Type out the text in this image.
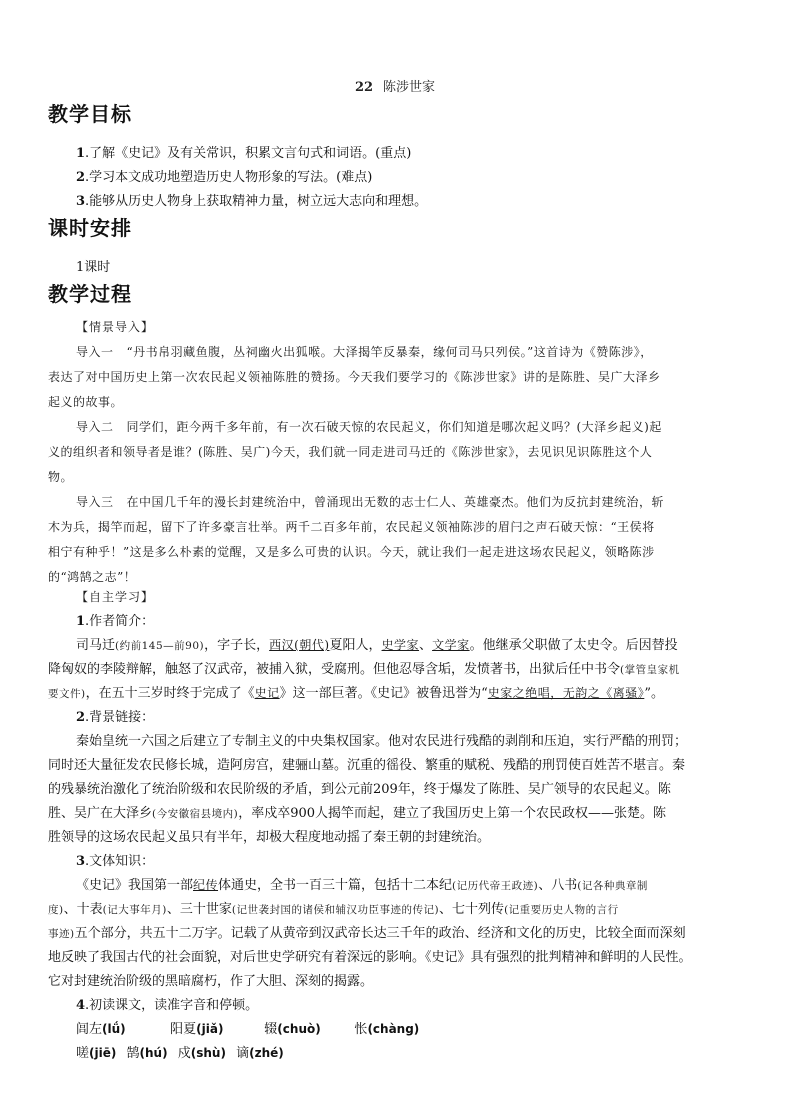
22 陈涉世家
教学目标
1.了解《史记》及有关常识，积累文言句式和词语。(重点)
2.学习本文成功地塑造历史人物形象的写法。(难点)
3.能够从历史人物身上获取精神力量，树立远大志向和理想。
课时安排
1课时
教学过程
【情景导入】
导入一 “丹书帛羽藏鱼腹，丛祠幽火出狐喉。大泽揭竿反暴秦，缘何司马只列侯。”这首诗为《赞陈涉》，
表达了对中国历史上第一次农民起义领袖陈胜的赞扬。今天我们要学习的《陈涉世家》讲的是陈胜、吴广大泽乡
起义的故事。
导入二 同学们，距今两千多年前，有一次石破天惊的农民起义，你们知道是哪次起义吗？(大泽乡起义)起
义的组织者和领导者是谁？(陈胜、吴广)今天，我们就一同走进司马迁的《陈涉世家》，去见识见识陈胜这个人
物。
导入三 在中国几千年的漫长封建统治中，曾涌现出无数的志士仁人、英雄豪杰。他们为反抗封建统治，斩
木为兵，揭竿而起，留下了许多豪言壮举。两千二百多年前，农民起义领袖陈涉的眉闩之声石破天惊：“王侯将
相宁有种乎！”这是多么朴素的觉醒，又是多么可贵的认识。今天，就让我们一起走进这场农民起义，领略陈涉
的“鸿鹄之志”！
【自主学习】
1.作者简介：
司马迁(约前145—前90)，字子长，西汉(朝代)夏阳人，史学家、文学家。他继承父职做了太史令。后因替投
降匈奴的李陵辩解，触怒了汉武帝，被捕入狱，受腐刑。但他忍辱含垢，发愤著书，出狱后任中书令(掌管皇家机
要文件)，在五十三岁时终于完成了《史记》这一部巨著。《史记》被鲁迅誉为“史家之绝唱，无韵之《离骚》”。
2.背景链接：
秦始皇统一六国之后建立了专制主义的中央集权国家。他对农民进行残酷的剥削和压迫，实行严酷的刑罚；
同时还大量征发农民修长城，造阿房宫，建骊山墓。沉重的徭役、繁重的赋税、残酷的刑罚使百姓苦不堪言。秦
的残暴统治激化了统治阶级和农民阶级的矛盾，到公元前209年，终于爆发了陈胜、吴广领导的农民起义。陈
胜、吴广在大泽乡(今安徽宿县境内)，率戍卒900人揭竿而起，建立了我国历史上第一个农民政权——张楚。陈
胜领导的这场农民起义虽只有半年，却极大程度地动摇了秦王朝的封建统治。
3.文体知识：
《史记》我国第一部纪传体通史，全书一百三十篇，包括十二本纪(记历代帝王政迹)、八书(记各种典章制
度)、十表(记大事年月)、三十世家(记世袭封国的诸侯和辅汉功臣事迹的传记)、七十列传(记重要历史人物的言行
事迹)五个部分，共五十二万字。记载了从黄帝到汉武帝长达三千年的政治、经济和文化的历史，比较全面而深刻
地反映了我国古代的社会面貌，对后世史学研究有着深远的影响。《史记》具有强烈的批判精神和鲜明的人民性。
它对封建统治阶级的黑暗腐朽，作了大胆、深刻的揭露。
4.初读课文，读准字音和停顿。
闾左(lǘ)	阳夏(jiǎ)	辍(chuò)	怅(chàng)
嗟(jiē) 鹄(hú) 戍(shù) 谪(zhé)
